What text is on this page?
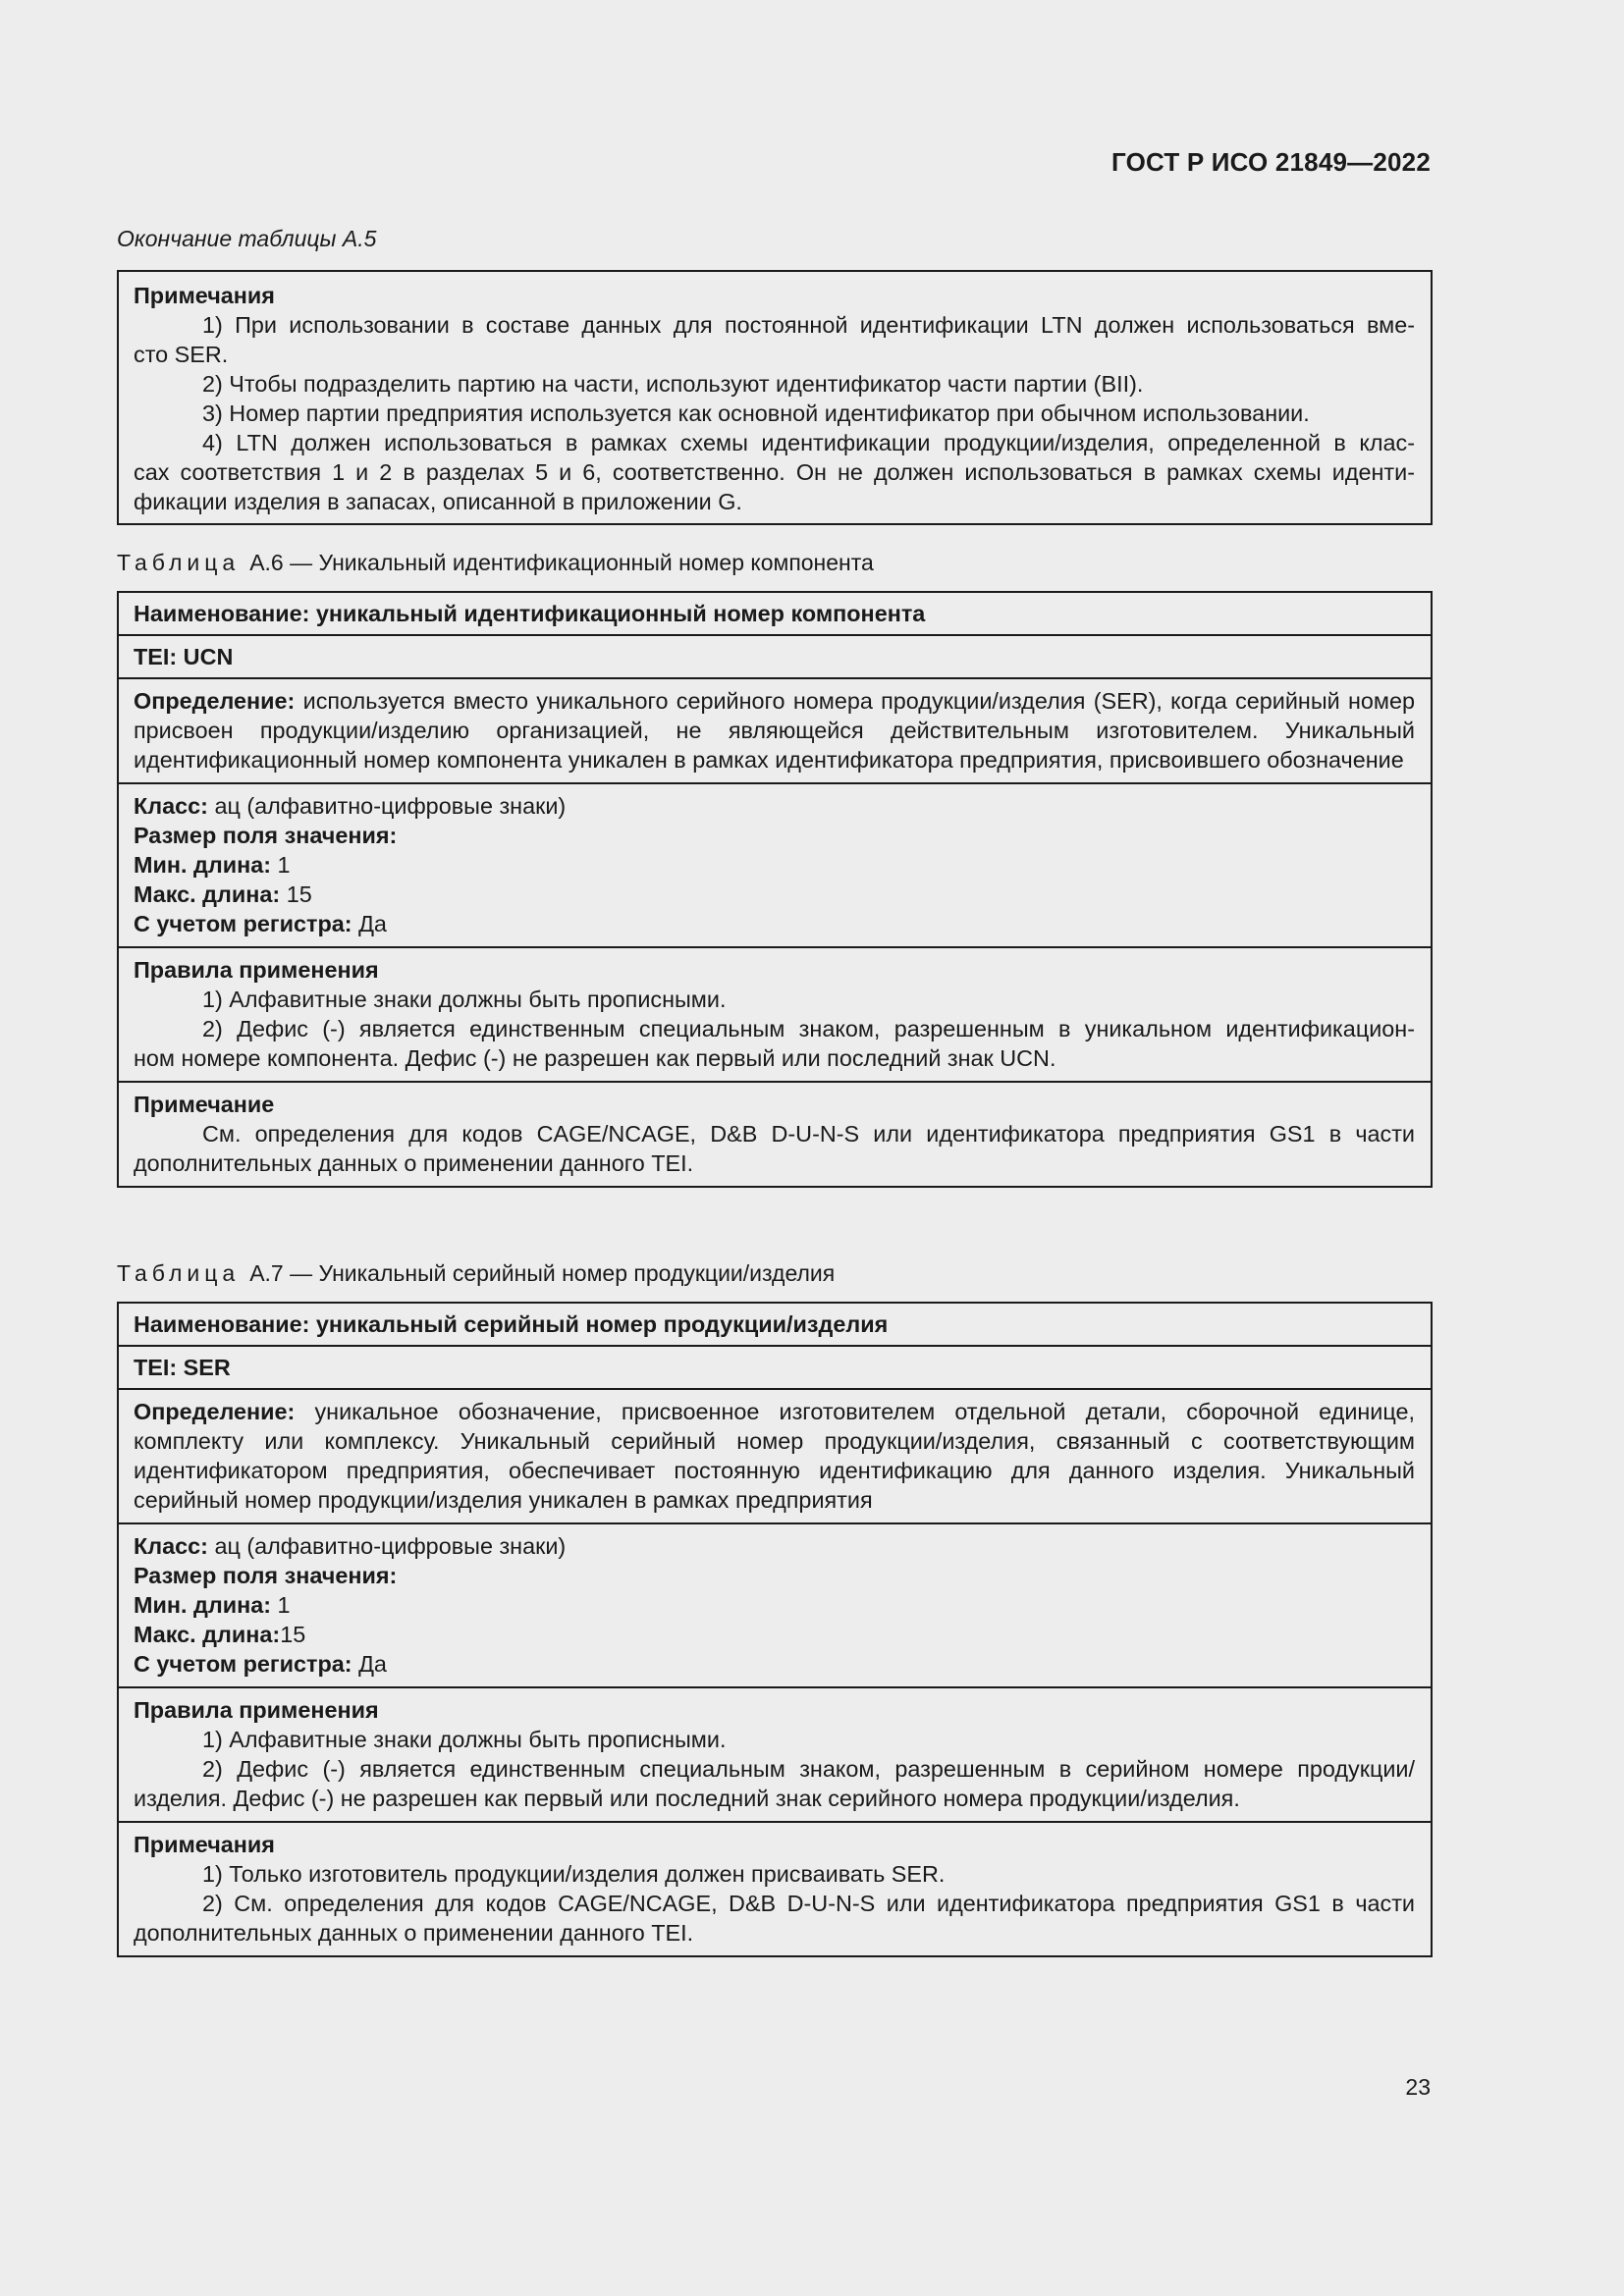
ГОСТ Р ИСО 21849—2022
Окончание таблицы А.5
Примечания
1) При использовании в составе данных для постоянной идентификации LTN должен использоваться вме-
сто SER.
2) Чтобы подразделить партию на части, используют идентификатор части партии (BII).
3) Номер партии предприятия используется как основной идентификатор при обычном использовании.
4) LTN должен использоваться в рамках схемы идентификации продукции/изделия, определенной в клас-
сах соответствия 1 и 2 в разделах 5 и 6, соответственно. Он не должен использоваться в рамках схемы иденти-
фикации изделия в запасах, описанной в приложении G.
Таблица А.6 — Уникальный идентификационный номер компонента
Наименование: уникальный идентификационный номер компонента
TEI: UCN
Определение: используется вместо уникального серийного номера продукции/изделия (SER), когда серийный номер присвоен продукции/изделию организацией, не являющейся действительным изготовителем. Уникальный идентификационный номер компонента уникален в рамках идентификатора предприятия, присвоившего обозначение

Класс: ац (алфавитно-цифровые знаки)
Размер поля значения:
Мин. длина: 1
Макс. длина: 15
С учетом регистра: Да

Правила применения
1) Алфавитные знаки должны быть прописными.
2) Дефис (-) является единственным специальным знаком, разрешенным в уникальном идентификацион-
ном номере компонента. Дефис (-) не разрешен как первый или последний знак UCN.

Примечание
См. определения для кодов CAGE/NCAGE, D&B D-U-N-S или идентификатора предприятия GS1 в части
дополнительных данных о применении данного TEI.
Таблица А.7 — Уникальный серийный номер продукции/изделия
Наименование: уникальный серийный номер продукции/изделия
TEI: SER
Определение: уникальное обозначение, присвоенное изготовителем отдельной детали, сборочной единице, комплекту или комплексу. Уникальный серийный номер продукции/изделия, связанный с соответствующим идентификатором предприятия, обеспечивает постоянную идентификацию для данного изделия. Уникальный серийный номер продукции/изделия уникален в рамках предприятия

Класс: ац (алфавитно-цифровые знаки)
Размер поля значения:
Мин. длина: 1
Макс. длина:15
С учетом регистра: Да

Правила применения
1) Алфавитные знаки должны быть прописными.
2) Дефис (-) является единственным специальным знаком, разрешенным в серийном номере продукции/
изделия. Дефис (-) не разрешен как первый или последний знак серийного номера продукции/изделия.

Примечания
1) Только изготовитель продукции/изделия должен присваивать SER.
2) См. определения для кодов CAGE/NCAGE, D&B D-U-N-S или идентификатора предприятия GS1 в части
дополнительных данных о применении данного TEI.
23
